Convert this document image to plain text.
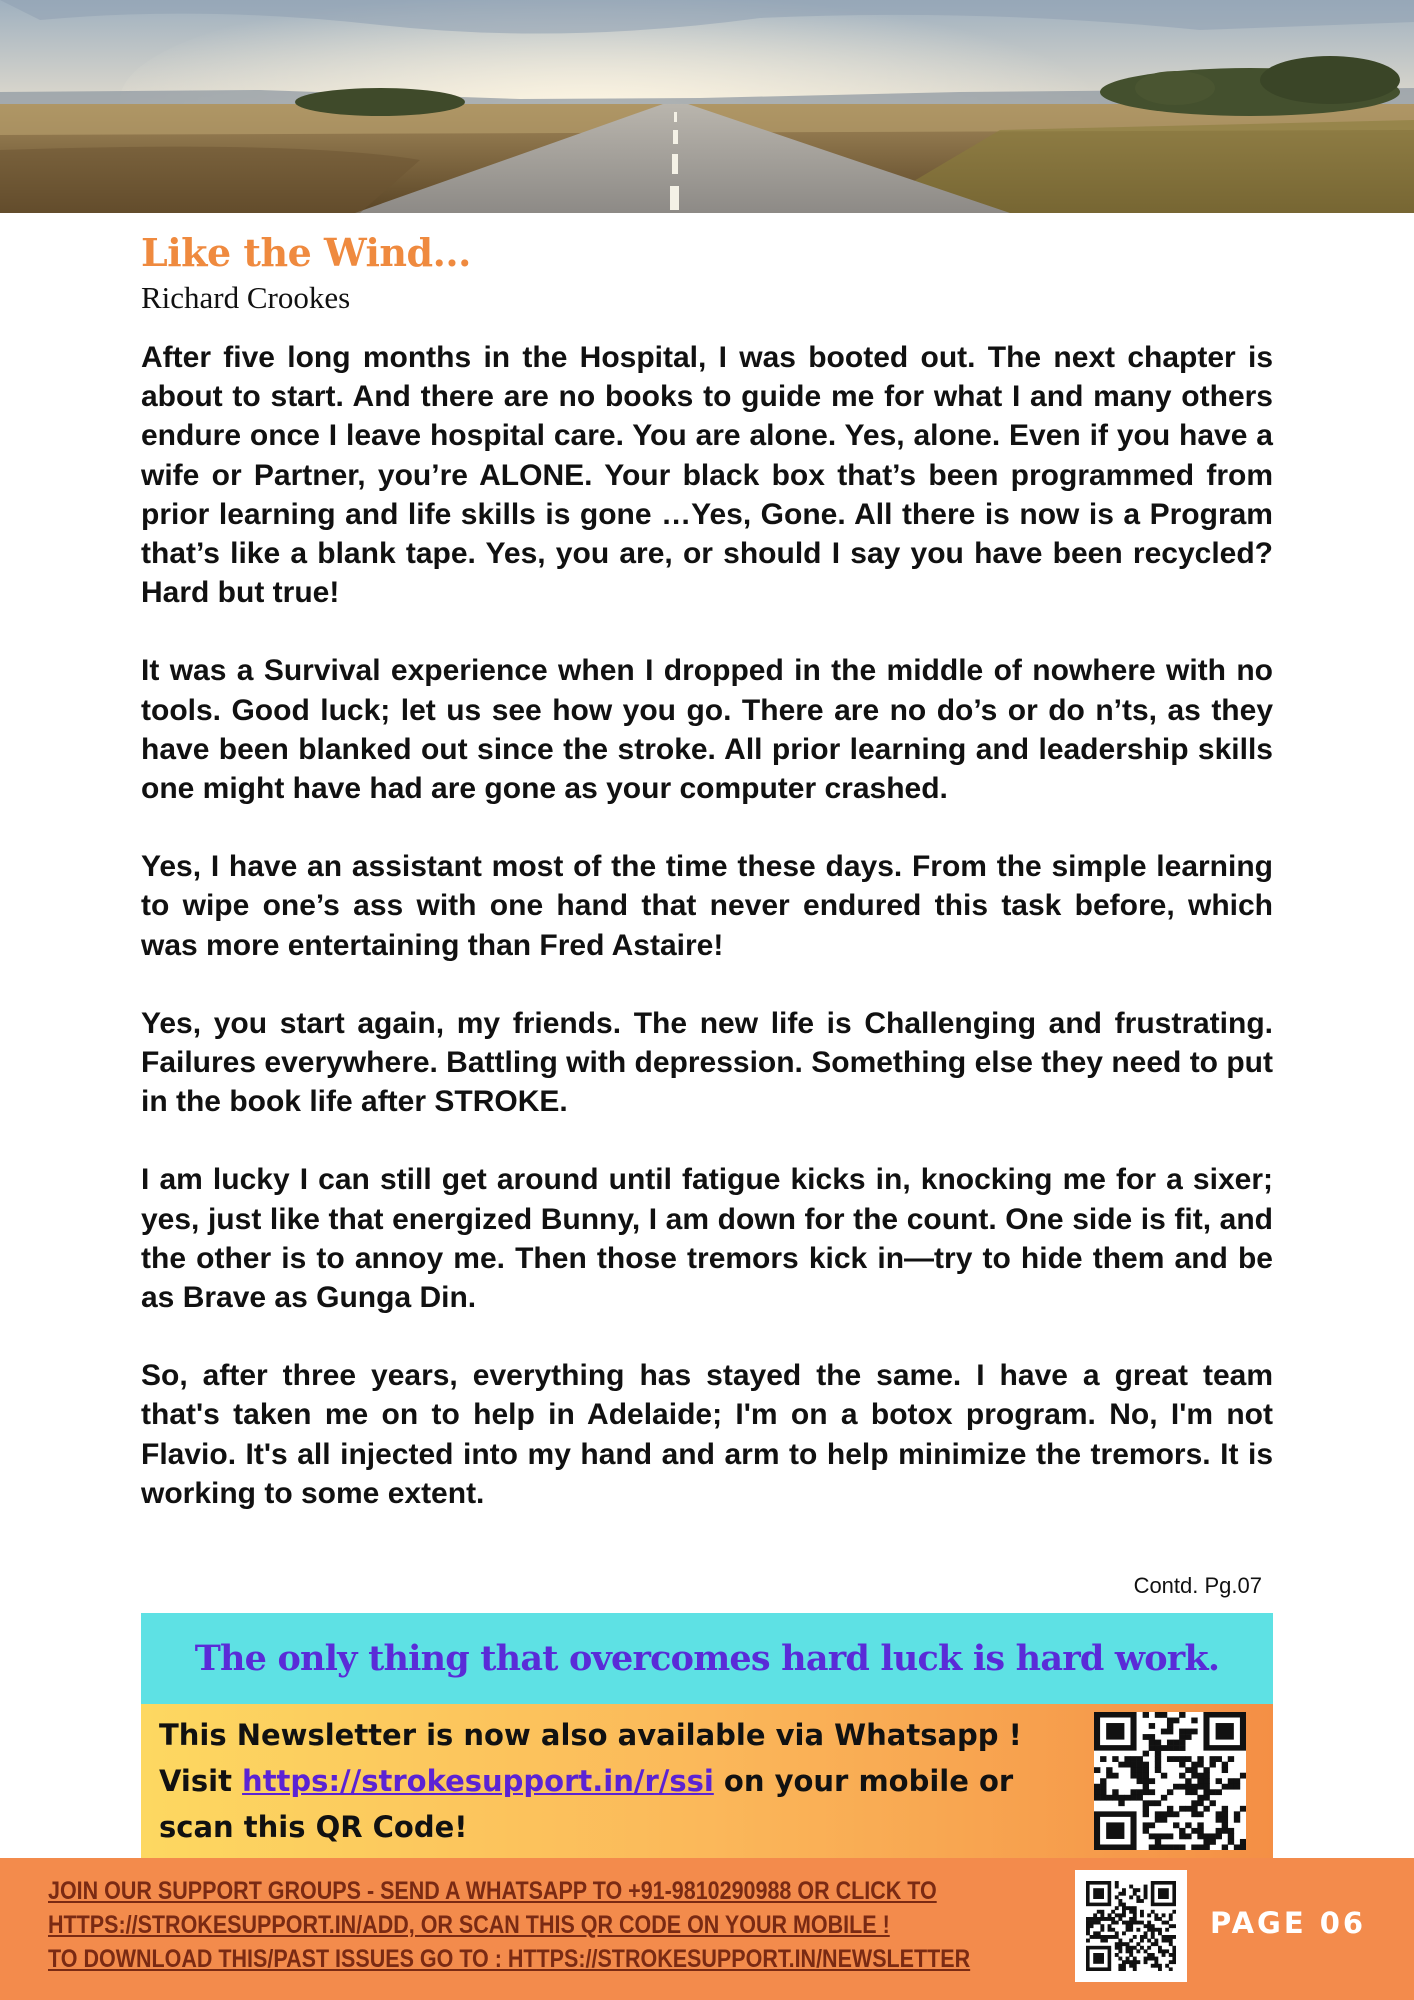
Like the Wind...
Richard Crookes

After five long months in the Hospital, I was booted out. The next chapter is about to start. And there are no books to guide me for what I and many others endure once I leave hospital care. You are alone. Yes, alone. Even if you have a wife or Partner, you’re ALONE. Your black box that’s been programmed from prior learning and life skills is gone …Yes, Gone. All there is now is a Program that’s like a blank tape. Yes, you are, or should I say you have been recycled? Hard but true!

It was a Survival experience when I dropped in the middle of nowhere with no tools. Good luck; let us see how you go. There are no do’s or do n’ts, as they have been blanked out since the stroke. All prior learning and leadership skills one might have had are gone as your computer crashed.

Yes, I have an assistant most of the time these days. From the simple learning to wipe one’s ass with one hand that never endured this task before, which was more entertaining than Fred Astaire!

Yes, you start again, my friends. The new life is Challenging and frustrating. Failures everywhere. Battling with depression. Something else they need to put in the book life after STROKE.

I am lucky I can still get around until fatigue kicks in, knocking me for a sixer; yes, just like that energized Bunny, I am down for the count. One side is fit, and the other is to annoy me. Then those tremors kick in—try to hide them and be as Brave as Gunga Din.

So, after three years, everything has stayed the same. I have a great team that's taken me on to help in Adelaide; I'm on a botox program. No, I'm not Flavio. It's all injected into my hand and arm to help minimize the tremors. It is working to some extent.

Contd. Pg.07
The only thing that overcomes hard luck is hard work.
This Newsletter is now also available via Whatsapp !
Visit https://strokesupport.in/r/ssi on your mobile or
scan this QR Code!
JOIN OUR SUPPORT GROUPS - SEND A WHATSAPP TO +91-9810290988 OR CLICK TO
HTTPS://STROKESUPPORT.IN/ADD, OR SCAN THIS QR CODE ON YOUR MOBILE !
TO DOWNLOAD THIS/PAST ISSUES GO TO : HTTPS://STROKESUPPORT.IN/NEWSLETTER
PAGE 06
